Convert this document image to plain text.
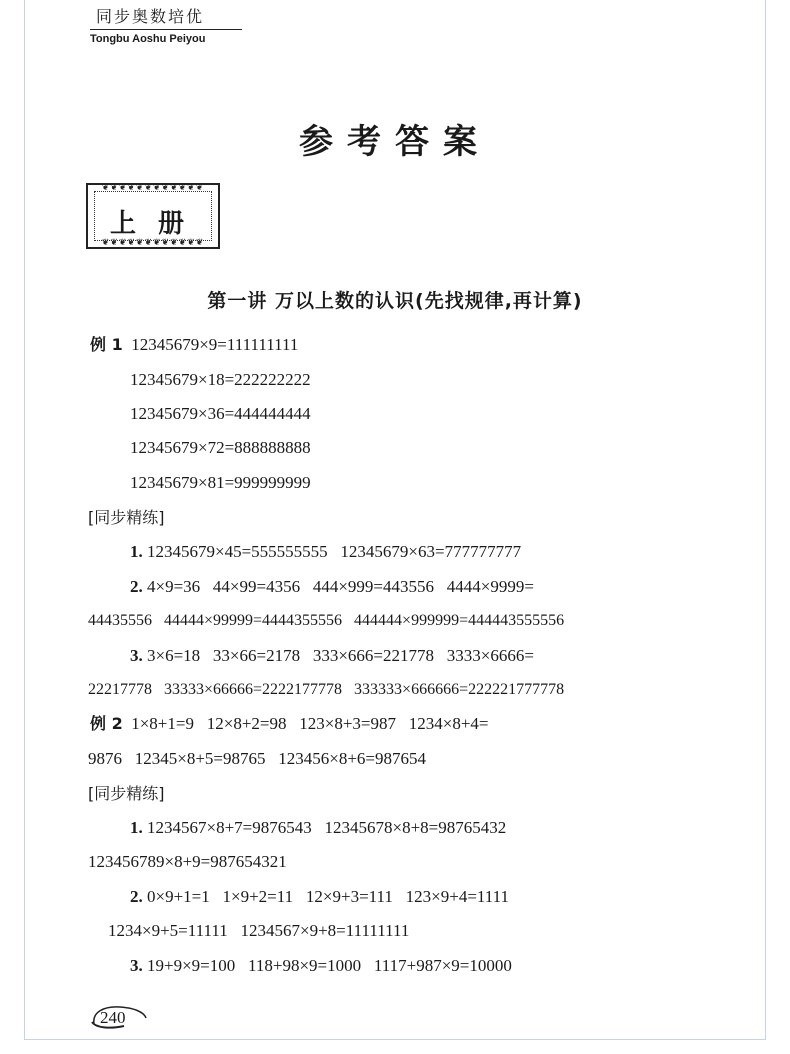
同步奥数培优
Tongbu Aoshu Peiyou
参考答案
❦❦❦❦❦❦❦❦❦❦❦❦
上册
❦❦❦❦❦❦❦❦❦❦❦❦
第一讲 万以上数的认识(先找规律,再计算)
例 1 12345679×9=111111111
12345679×18=222222222
12345679×36=444444444
12345679×72=888888888
12345679×81=999999999
[同步精练]
1. 12345679×45=555555555   12345679×63=777777777
2. 4×9=36   44×99=4356   444×999=443556   4444×9999=
44435556   44444×99999=4444355556   444444×999999=444443555556
3. 3×6=18   33×66=2178   333×666=221778   3333×6666=
22217778   33333×66666=2222177778   333333×666666=222221777778
例 2 1×8+1=9   12×8+2=98   123×8+3=987   1234×8+4=
9876   12345×8+5=98765   123456×8+6=987654
[同步精练]
1. 1234567×8+7=9876543   12345678×8+8=98765432
123456789×8+9=987654321
2. 0×9+1=1   1×9+2=11   12×9+3=111   123×9+4=1111
1234×9+5=11111   1234567×9+8=11111111
3. 19+9×9=100   118+98×9=1000   1117+987×9=10000
240
